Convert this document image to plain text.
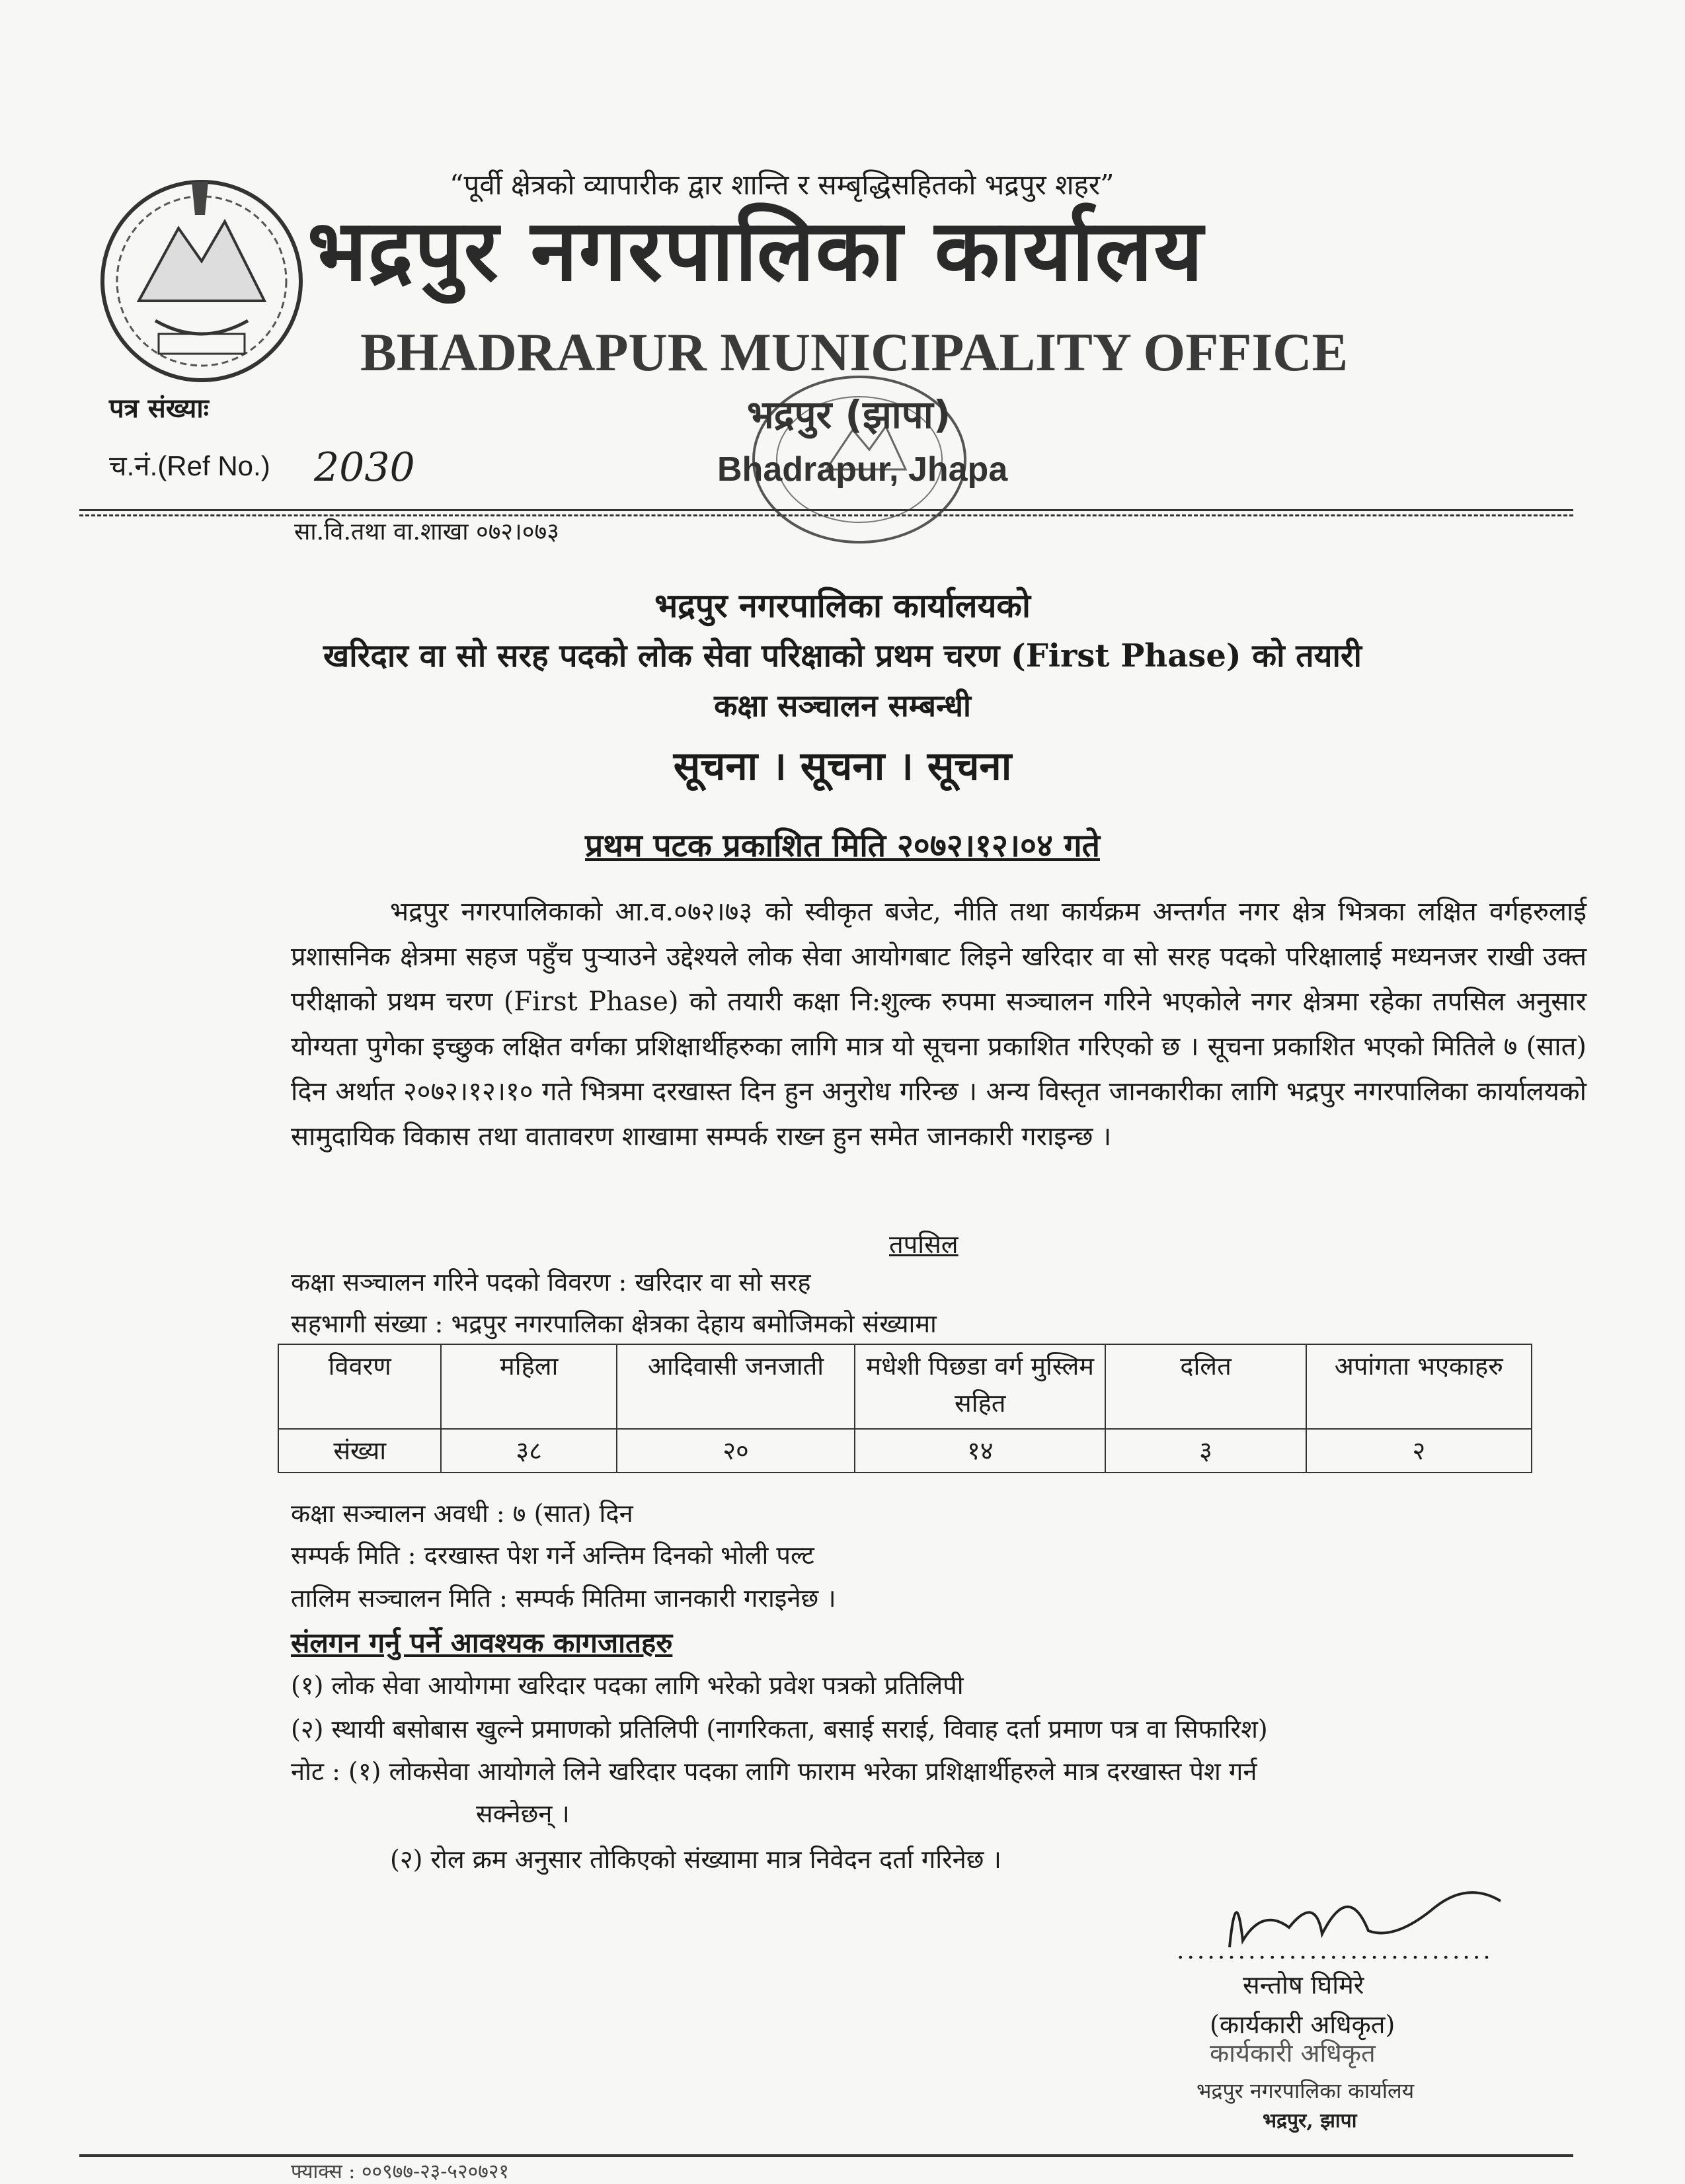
“पूर्वी क्षेत्रको व्यापारीक द्वार शान्ति र सम्बृद्धिसहितको भद्रपुर शहर”
भद्रपुर नगरपालिका कार्यालय
BHADRAPUR MUNICIPALITY OFFICE
भद्रपुर (झापा)
Bhadrapur, Jhapa
पत्र संख्याः
च.नं.(Ref No.) 2030
सा.वि.तथा वा.शाखा ०७२।०७३
भद्रपुर नगरपालिका कार्यालयको
खरिदार वा सो सरह पदको लोक सेवा परिक्षाको प्रथम चरण (First Phase) को तयारी
कक्षा सञ्चालन सम्बन्धी
सूचना । सूचना । सूचना
प्रथम पटक प्रकाशित मिति २०७२।१२।०४ गते
भद्रपुर नगरपालिकाको आ.व.०७२।७३ को स्वीकृत बजेट, नीति तथा कार्यक्रम अन्तर्गत नगर क्षेत्र भित्रका लक्षित वर्गहरुलाई प्रशासनिक क्षेत्रमा सहज पहुँच पुऱ्याउने उद्देश्यले लोक सेवा आयोगबाट लिइने खरिदार वा सो सरह पदको परिक्षालाई मध्यनजर राखी उक्त परीक्षाको प्रथम चरण (First Phase) को तयारी कक्षा नि:शुल्क रुपमा सञ्चालन गरिने भएकोले नगर क्षेत्रमा रहेका तपसिल अनुसार योग्यता पुगेका इच्छुक लक्षित वर्गका प्रशिक्षार्थीहरुका लागि मात्र यो सूचना प्रकाशित गरिएको छ । सूचना प्रकाशित भएको मितिले ७ (सात) दिन अर्थात २०७२।१२।१० गते भित्रमा दरखास्त दिन हुन अनुरोध गरिन्छ । अन्य विस्तृत जानकारीका लागि भद्रपुर नगरपालिका कार्यालयको सामुदायिक विकास तथा वातावरण शाखामा सम्पर्क राख्न हुन समेत जानकारी गराइन्छ ।
तपसिल
कक्षा सञ्चालन गरिने पदको विवरण : खरिदार वा सो सरह
सहभागी संख्या : भद्रपुर नगरपालिका क्षेत्रका देहाय बमोजिमको संख्यामा
विवरण	महिला	आदिवासी जनजाती	मधेशी पिछडा वर्ग मुस्लिम सहित	दलित	अपांगता भएकाहरु
संख्या	३८	२०	१४	३	२
कक्षा सञ्चालन अवधी : ७ (सात) दिन
सम्पर्क मिति : दरखास्त पेश गर्ने अन्तिम दिनको भोली पल्ट
तालिम सञ्चालन मिति : सम्पर्क मितिमा जानकारी गराइनेछ ।
संलगन गर्नु पर्ने आवश्यक कागजातहरु
(१) लोक सेवा आयोगमा खरिदार पदका लागि भरेको प्रवेश पत्रको प्रतिलिपी
(२) स्थायी बसोबास खुल्ने प्रमाणको प्रतिलिपी (नागरिकता, बसाई सराई, विवाह दर्ता प्रमाण पत्र वा सिफारिश)
नोट : (१) लोकसेवा आयोगले लिने खरिदार पदका लागि फाराम भरेका प्रशिक्षार्थीहरुले मात्र दरखास्त पेश गर्न
सक्नेछन् ।
(२) रोल क्रम अनुसार तोकिएको संख्यामा मात्र निवेदन दर्ता गरिनेछ ।
...............................
सन्तोष घिमिरे
(कार्यकारी अधिकृत)
कार्यकारी अधिकृत
भद्रपुर नगरपालिका कार्यालय
भद्रपुर, झापा
फ्याक्स : ००९७७-२३-५२०७२१
